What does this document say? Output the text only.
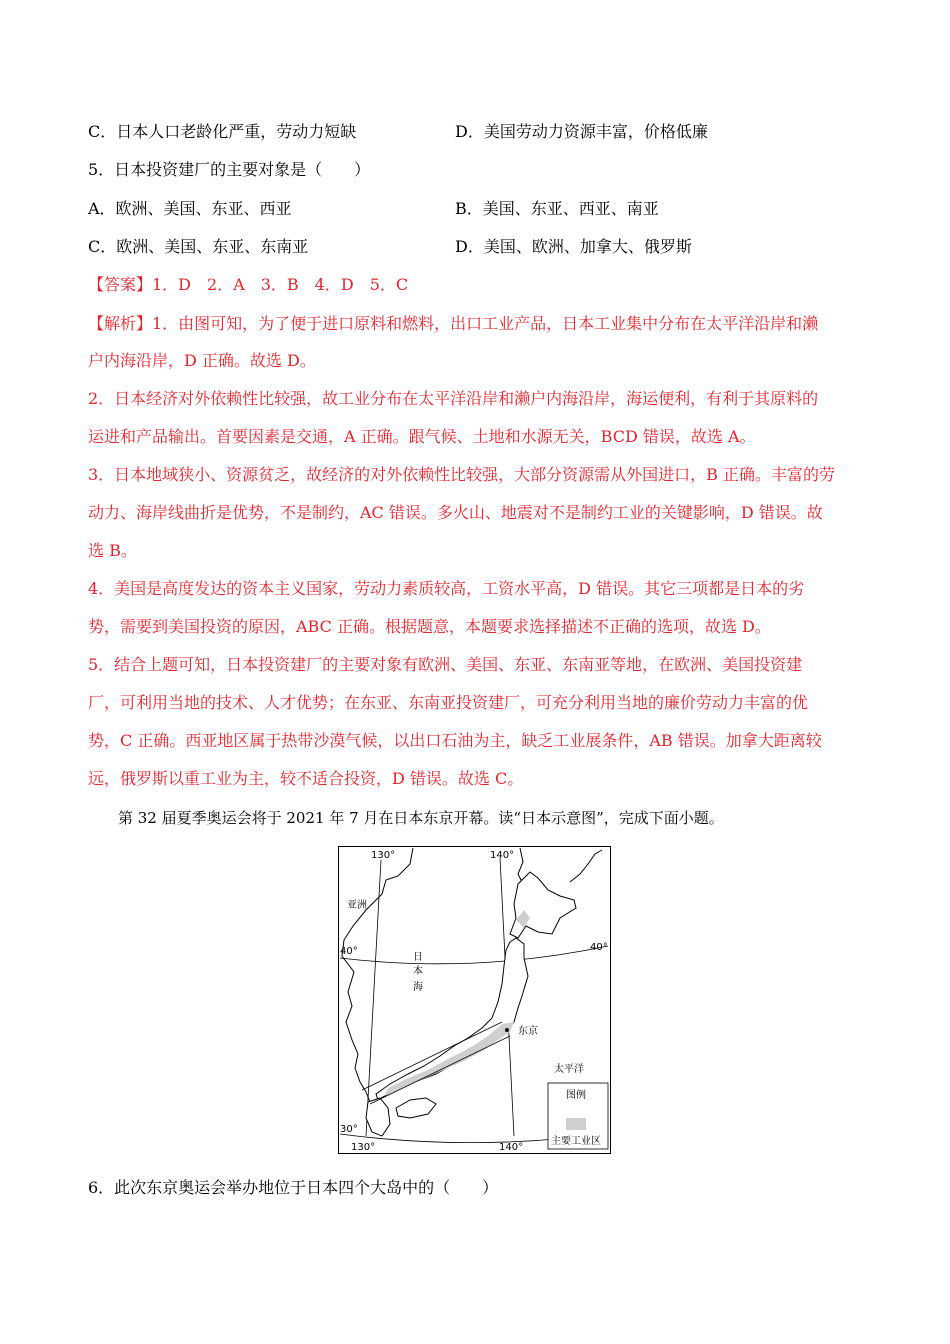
C．日本人口老龄化严重，劳动力短缺	D．美国劳动力资源丰富，价格低廉
5．日本投资建厂的主要对象是（　　）
A．欧洲、美国、东亚、西亚	B．美国、东亚、西亚、南亚
C．欧洲、美国、东亚、东南亚	D．美国、欧洲、加拿大、俄罗斯
【答案】1．D　2．A　3．B　4．D　5．C
【解析】1．由图可知，为了便于进口原料和燃料，出口工业产品，日本工业集中分布在太平洋沿岸和濑
户内海沿岸，D 正确。故选 D。
2．日本经济对外依赖性比较强，故工业分布在太平洋沿岸和濑户内海沿岸，海运便利，有利于其原料的
运进和产品输出。首要因素是交通，A 正确。跟气候、土地和水源无关，BCD 错误，故选 A。
3．日本地域狭小、资源贫乏，故经济的对外依赖性比较强，大部分资源需从外国进口，B 正确。丰富的劳
动力、海岸线曲折是优势，不是制约，AC 错误。多火山、地震对不是制约工业的关键影响，D 错误。故
选 B。
4．美国是高度发达的资本主义国家，劳动力素质较高，工资水平高，D 错误。其它三项都是日本的劣
势，需要到美国投资的原因，ABC 正确。根据题意，本题要求选择描述不正确的选项，故选 D。
5．结合上题可知，日本投资建厂的主要对象有欧洲、美国、东亚、东南亚等地，在欧洲、美国投资建
厂，可利用当地的技术、人才优势；在东亚、东南亚投资建厂，可充分利用当地的廉价劳动力丰富的优
势，C 正确。西亚地区属于热带沙漠气候，以出口石油为主，缺乏工业展条件，AB 错误。加拿大距离较
远，俄罗斯以重工业为主，较不适合投资，D 错误。故选 C。
第 32 届夏季奥运会将于 2021 年 7 月在日本东京开幕。读“日本示意图”，完成下面小题。
130°	140°
40°	40°
30°
130°	140°
亚洲
日
本
海
东京
太平洋
图例
主要工业区
6．此次东京奥运会举办地位于日本四个大岛中的（　　）
